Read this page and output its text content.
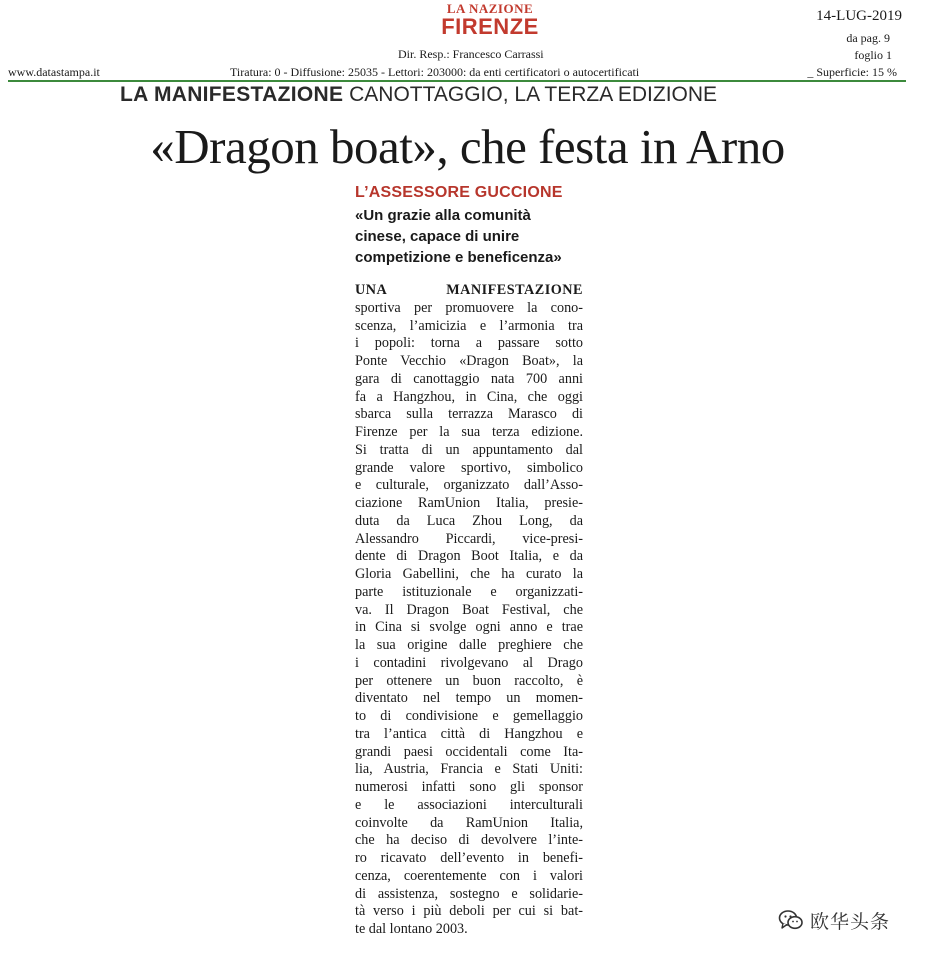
LA NAZIONE
FIRENZE	14-LUG-2019
da pag. 9
foglio 1
Dir. Resp.: Francesco Carrassi
www.datastampa.it	Tiratura: 0 - Diffusione: 25035 - Lettori: 203000: da enti certificatori o autocertificati	_ Superficie: 15 %
LA MANIFESTAZIONE CANOTTAGGIO, LA TERZA EDIZIONE
«Dragon boat», che festa in Arno

L’ASSESSORE GUCCIONE

«Un grazie alla comunità cinese, capace di unire competizione e beneficenza»

UNA MANIFESTAZIONE
sportiva per promuovere la cono-
scenza, l’amicizia e l’armonia tra
i popoli: torna a passare sotto
Ponte Vecchio «Dragon Boat», la
gara di canottaggio nata 700 anni
fa a Hangzhou, in Cina, che oggi
sbarca sulla terrazza Marasco di
Firenze per la sua terza edizione.
Si tratta di un appuntamento dal
grande valore sportivo, simbolico
e culturale, organizzato dall’Asso-
ciazione RamUnion Italia, presie-
duta da Luca Zhou Long, da
Alessandro Piccardi, vice-presi-
dente di Dragon Boot Italia, e da
Gloria Gabellini, che ha curato la
parte istituzionale e organizzati-
va. Il Dragon Boat Festival, che
in Cina si svolge ogni anno e trae
la sua origine dalle preghiere che
i contadini rivolgevano al Drago
per ottenere un buon raccolto, è
diventato nel tempo un momen-
to di condivisione e gemellaggio
tra l’antica città di Hangzhou e
grandi paesi occidentali come Ita-
lia, Austria, Francia e Stati Uniti:
numerosi infatti sono gli sponsor
e le associazioni interculturali
coinvolte da RamUnion Italia,
che ha deciso di devolvere l’inte-
ro ricavato dell’evento in benefi-
cenza, coerentemente con i valori
di assistenza, sostegno e solidarie-
tà verso i più deboli per cui si bat-
te dal lontano 2003.	欧华头条
